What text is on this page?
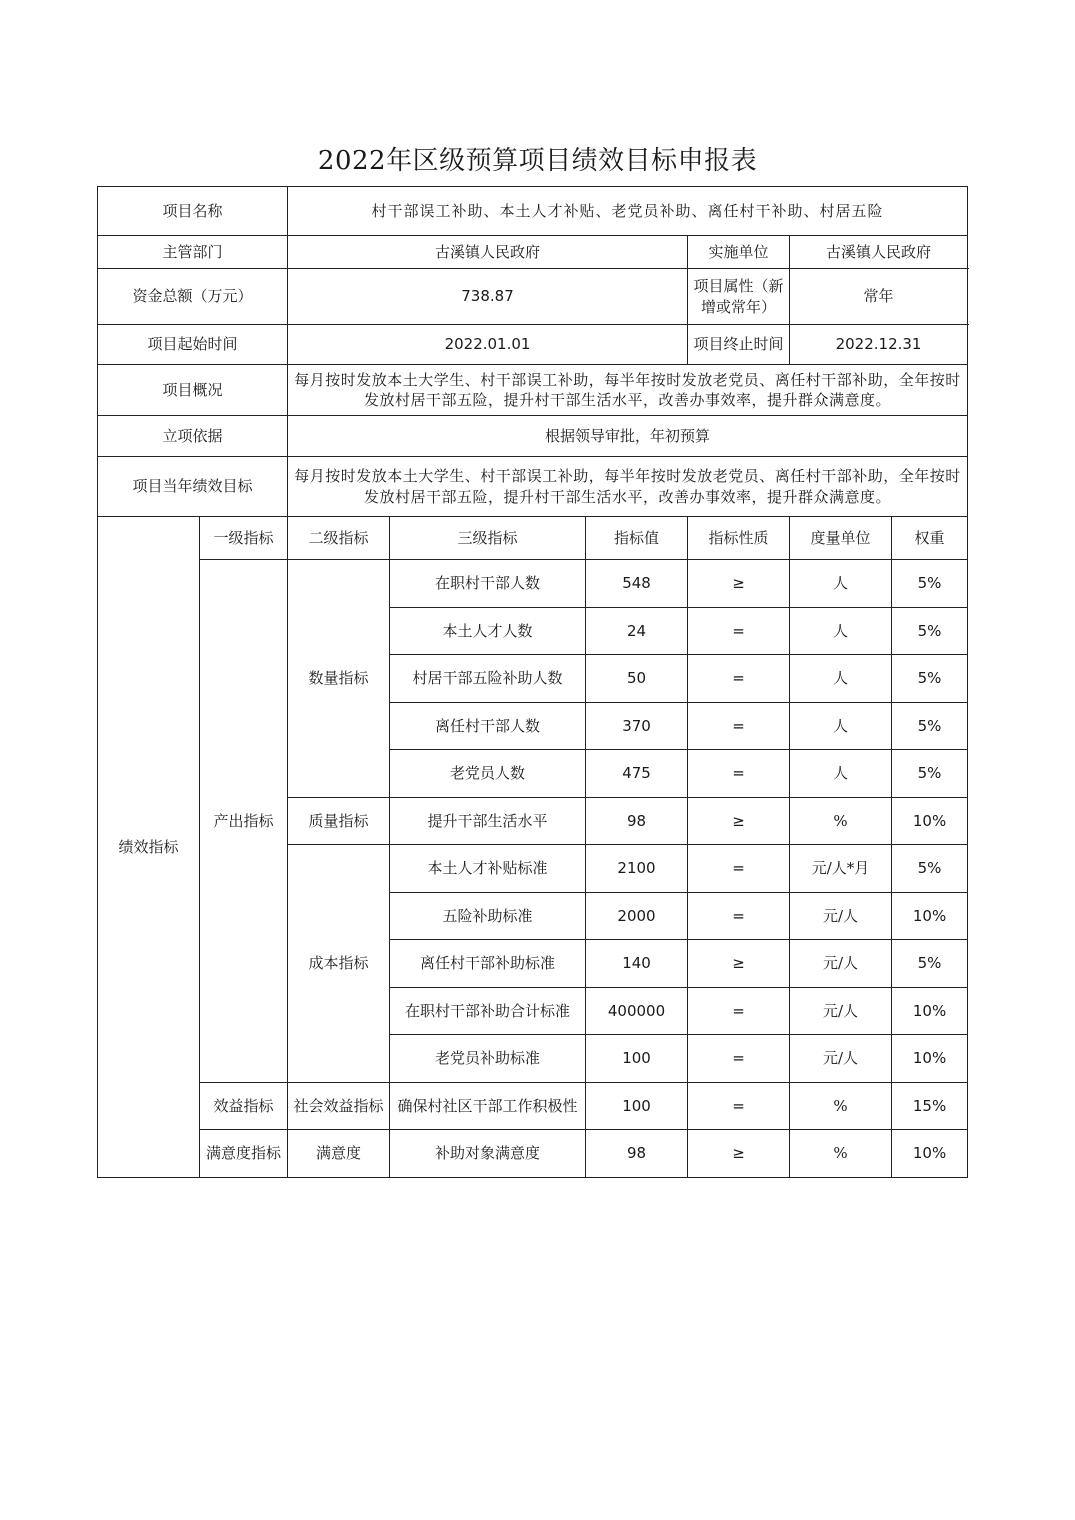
2022年区级预算项目绩效目标申报表
项目名称		村干部误工补助、本土人才补贴、老党员补助、离任村干补助、村居五险					
主管部门		古溪镇人民政府			实施单位	古溪镇人民政府	
资金总额（万元）		738.87			项目属性（新增或常年）	常年	
项目起始时间		2022.01.01			项目终止时间	2022.12.31	
项目概况		每月按时发放本土大学生、村干部误工补助，每半年按时发放老党员、离任村干部补助，全年按时发放村居干部五险，提升村干部生活水平，改善办事效率，提升群众满意度。					
立项依据		根据领导审批，年初预算					
项目当年绩效目标		每月按时发放本土大学生、村干部误工补助，每半年按时发放老党员、离任村干部补助，全年按时发放村居干部五险，提升村干部生活水平，改善办事效率，提升群众满意度。					
绩效指标	一级指标	二级指标	三级指标	指标值	指标性质	度量单位	权重
	产出指标	数量指标	在职村干部人数	548	≥	人	5%
			本土人才人数	24	=	人	5%
			村居干部五险补助人数	50	=	人	5%
			离任村干部人数	370	=	人	5%
			老党员人数	475	=	人	5%
		质量指标	提升干部生活水平	98	≥	%	10%
		成本指标	本土人才补贴标准	2100	=	元/人*月	5%
			五险补助标准	2000	=	元/人	10%
			离任村干部补助标准	140	≥	元/人	5%
			在职村干部补助合计标准	400000	=	元/人	10%
			老党员补助标准	100	=	元/人	10%
	效益指标	社会效益指标	确保村社区干部工作积极性	100	=	%	15%
	满意度指标	满意度	补助对象满意度	98	≥	%	10%
